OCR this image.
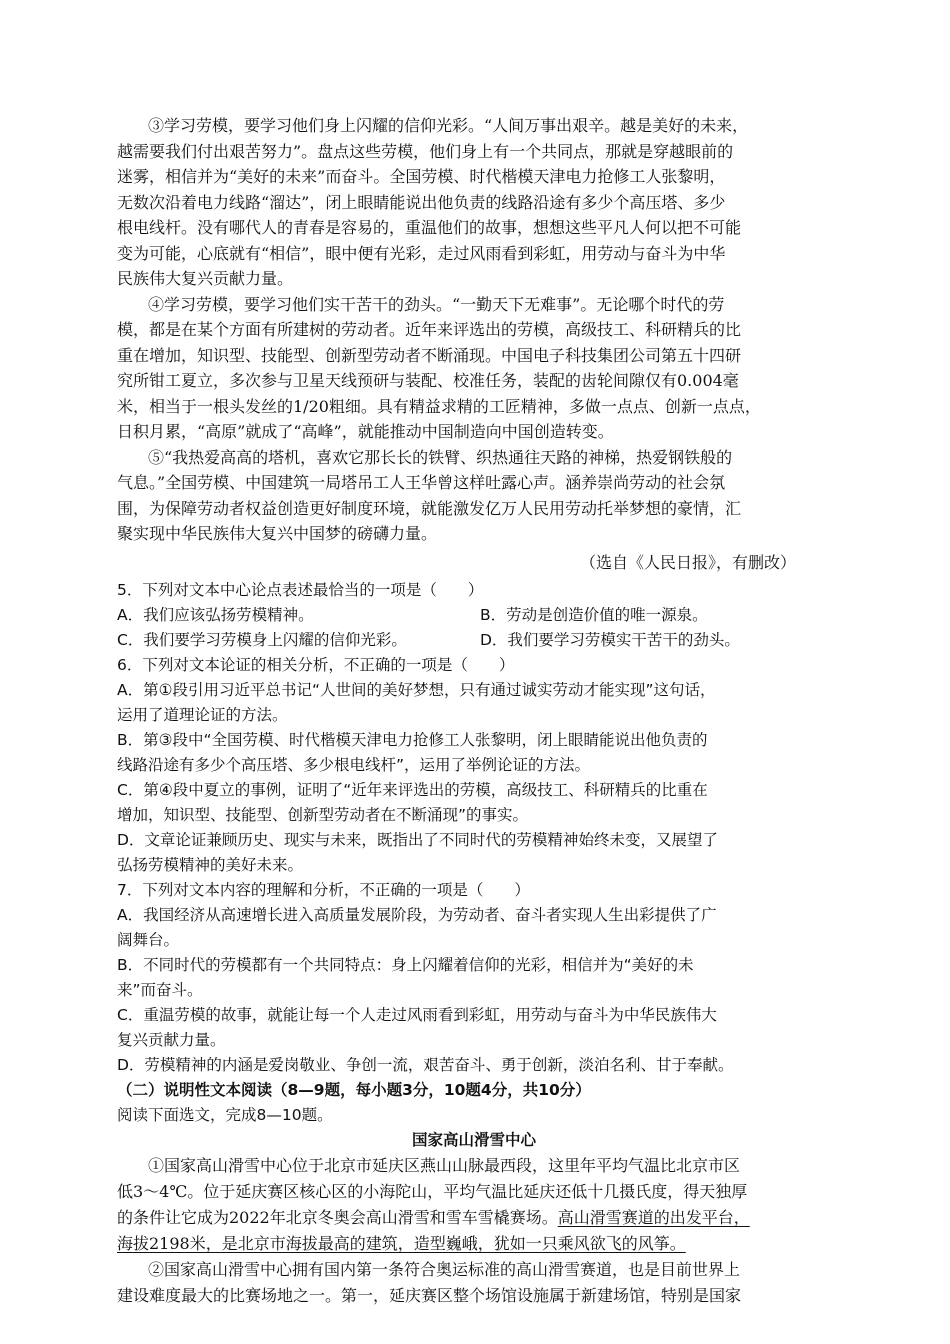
③学习劳模，要学习他们身上闪耀的信仰光彩。“人间万事出艰辛。越是美好的未来，
越需要我们付出艰苦努力”。盘点这些劳模，他们身上有一个共同点，那就是穿越眼前的
迷雾，相信并为“美好的未来”而奋斗。全国劳模、时代楷模天津电力抢修工人张黎明，
无数次沿着电力线路“溜达”，闭上眼睛能说出他负责的线路沿途有多少个高压塔、多少
根电线杆。没有哪代人的青春是容易的，重温他们的故事，想想这些平凡人何以把不可能
变为可能，心底就有“相信”，眼中便有光彩，走过风雨看到彩虹，用劳动与奋斗为中华
民族伟大复兴贡献力量。
④学习劳模，要学习他们实干苦干的劲头。“一勤天下无难事”。无论哪个时代的劳
模，都是在某个方面有所建树的劳动者。近年来评选出的劳模，高级技工、科研精兵的比
重在增加，知识型、技能型、创新型劳动者不断涌现。中国电子科技集团公司第五十四研
究所钳工夏立，多次参与卫星天线预研与装配、校准任务，装配的齿轮间隙仅有0.004毫
米，相当于一根头发丝的1/20粗细。具有精益求精的工匠精神，多做一点点、创新一点点，
日积月累，“高原”就成了“高峰”，就能推动中国制造向中国创造转变。
⑤“我热爱高高的塔机，喜欢它那长长的铁臂、织热通往天路的神梯，热爱钢铁般的
气息。”全国劳模、中国建筑一局塔吊工人王华曾这样吐露心声。涵养崇尚劳动的社会氛
围，为保障劳动者权益创造更好制度环境，就能激发亿万人民用劳动托举梦想的豪情，汇
聚实现中华民族伟大复兴中国梦的磅礴力量。
（选自《人民日报》，有删改）
5．下列对文本中心论点表述最恰当的一项是（　　）
A．我们应该弘扬劳模精神。	B．劳动是创造价值的唯一源泉。
C．我们要学习劳模身上闪耀的信仰光彩。	D．我们要学习劳模实干苦干的劲头。
6．下列对文本论证的相关分析，不正确的一项是（　　）
A．第①段引用习近平总书记“人世间的美好梦想，只有通过诚实劳动才能实现”这句话，
运用了道理论证的方法。
B．第③段中“全国劳模、时代楷模天津电力抢修工人张黎明，闭上眼睛能说出他负责的
线路沿途有多少个高压塔、多少根电线杆”，运用了举例论证的方法。
C．第④段中夏立的事例，证明了“近年来评选出的劳模，高级技工、科研精兵的比重在
增加，知识型、技能型、创新型劳动者在不断涌现”的事实。
D．文章论证兼顾历史、现实与未来，既指出了不同时代的劳模精神始终未变，又展望了
弘扬劳模精神的美好未来。
7．下列对文本内容的理解和分析，不正确的一项是（　　）
A．我国经济从高速增长进入高质量发展阶段，为劳动者、奋斗者实现人生出彩提供了广
阔舞台。
B．不同时代的劳模都有一个共同特点：身上闪耀着信仰的光彩，相信并为“美好的未
来”而奋斗。
C．重温劳模的故事，就能让每一个人走过风雨看到彩虹，用劳动与奋斗为中华民族伟大
复兴贡献力量。
D．劳模精神的内涵是爱岗敬业、争创一流，艰苦奋斗、勇于创新，淡泊名利、甘于奉献。
（二）说明性文本阅读（8—9题，每小题3分，10题4分，共10分）
阅读下面选文，完成8—10题。
国家高山滑雪中心
①国家高山滑雪中心位于北京市延庆区燕山山脉最西段，这里年平均气温比北京市区
低3～4℃。位于延庆赛区核心区的小海陀山，平均气温比延庆还低十几摄氏度，得天独厚
的条件让它成为2022年北京冬奥会高山滑雪和雪车雪橇赛场。高山滑雪赛道的出发平台，
海拔2198米，是北京市海拔最高的建筑，造型巍峨，犹如一只乘风欲飞的风筝。
②国家高山滑雪中心拥有国内第一条符合奥运标准的高山滑雪赛道，也是目前世界上
建设难度最大的比赛场地之一。第一，延庆赛区整个场馆设施属于新建场馆，特别是国家
